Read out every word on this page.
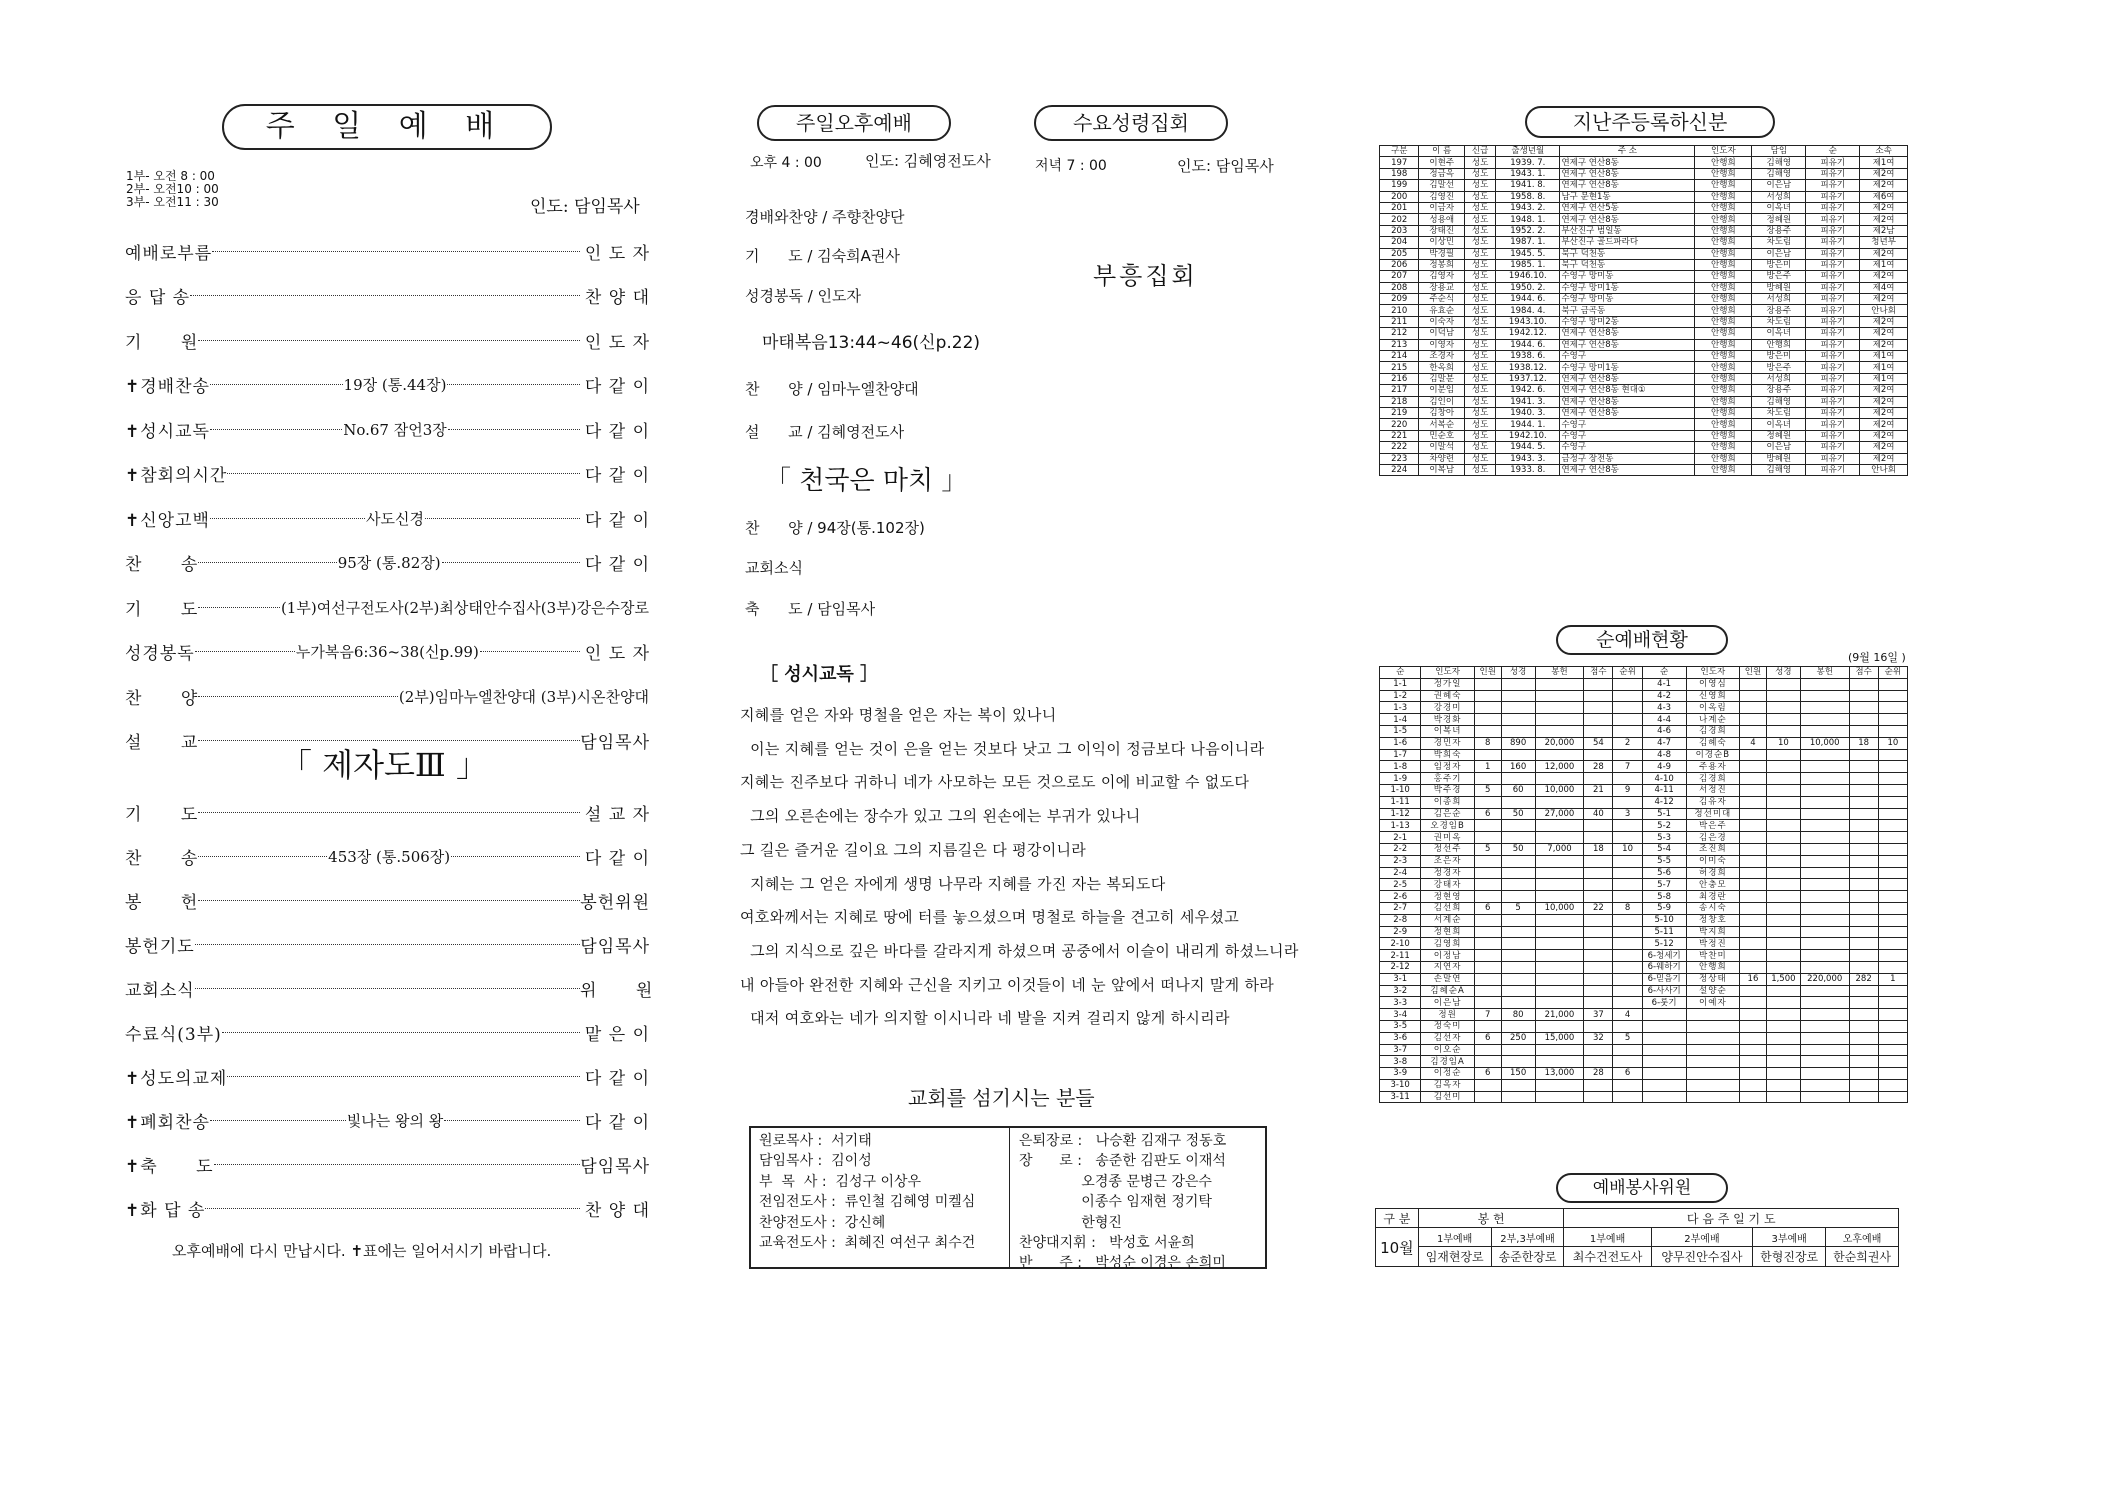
주 일 예 배
1부- 오전 8 : 00
2부- 오전10 : 00
3부- 오전11 : 30	인도: 담임목사
예배로부름	인 도 자
응 답 송	찬 양 대
기      원	인 도 자
✝경배찬송	19장 (통.44장)	다 같 이
✝성시교독	No.67 잠언3장	다 같 이
✝참회의시간	다 같 이
✝신앙고백	사도신경	다 같 이
찬      송	95장 (통.82장)	다 같 이
기      도	(1부)여선구전도사(2부)최상태안수집사(3부)강은수장로
성경봉독	누가복음6:36~38(신p.99)	인 도 자
찬      양	(2부)임마누엘찬양대 (3부)시온찬양대
설      교	담임목사
「 제자도Ⅲ 」
기      도	설 교 자
찬      송	453장 (통.506장)	다 같 이
봉      헌	봉헌위원
봉헌기도	담임목사
교회소식	위      원
수료식(3부)	맡 은 이
✝성도의교제	다 같 이
✝폐회찬송	빛나는 왕의 왕	다 같 이
✝축      도	담임목사
✝화 답 송	찬 양 대
오후예배에 다시 만납시다. ✝표에는 일어서시기 바랍니다.
주일오후예배	수요성령집회
오후 4 : 00	인도: 김혜영전도사	저녁 7 : 00	인도: 담임목사
경배와찬양 / 주향찬양단
기      도 / 김숙희A권사
성경봉독 / 인도자
마태복음13:44~46(신p.22)
찬      양 / 임마누엘찬양대
설      교 / 김혜영전도사
「 천국은 마치 」
찬      양 / 94장(통.102장)
교회소식
축      도 / 담임목사
부흥집회
［ 성시교독 ］
지혜를 얻은 자와 명철을 얻은 자는 복이 있나니
이는 지혜를 얻는 것이 은을 얻는 것보다 낫고 그 이익이 정금보다 나음이니라
지혜는 진주보다 귀하니 네가 사모하는 모든 것으로도 이에 비교할 수 없도다
그의 오른손에는 장수가 있고 그의 왼손에는 부귀가 있나니
그 길은 즐거운 길이요 그의 지름길은 다 평강이니라
지혜는 그 얻은 자에게 생명 나무라 지혜를 가진 자는 복되도다
여호와께서는 지혜로 땅에 터를 놓으셨으며 명철로 하늘을 견고히 세우셨고
그의 지식으로 깊은 바다를 갈라지게 하셨으며 공중에서 이슬이 내리게 하셨느니라
내 아들아 완전한 지혜와 근신을 지키고 이것들이 네 눈 앞에서 떠나지 말게 하라
대저 여호와는 네가 의지할 이시니라 네 발을 지켜 걸리지 않게 하시리라
교회를 섬기시는 분들
원로목사 :  서기태
담임목사 :  김이성
부  목  사 :  김성구 이상우
전임전도사 :  류인철 김혜영 미켈심
찬양전도사 :  강신혜
교육전도사 :  최혜진 여선구 최수건
은퇴장로 :   나승환 김재구 정동호
장      로 :   송준한 김판도 이재석
오경종 문병근 강은수
이종수 임재현 정기탁
한형진
찬양대지휘 :   박성호 서윤희
반      주 :   박성순 이경은 손희미
지난주등록하신분
구분	이 름	신급	출생년월	주 소	인도자	담임	순	소속
197	이현주	성도	1939. 7.	연제구 연산8동	안행희	김해영	피유기	제1여
198	정금옥	성도	1943. 1.	연제구 연산8동	안행희	김해영	피유기	제2여
199	김말선	성도	1941. 8.	연제구 연산8동	안행희	이은남	피유기	제2여
200	김영진	성도	1958. 8.	남구 문현1동	안행희	서성희	피유기	제6여
201	이금자	성도	1943. 2.	연제구 연산5동	안행희	이옥녀	피유기	제2여
202	성용애	성도	1948. 1.	연제구 연산8동	안행희	정혜원	피유기	제2여
203	장태진	성도	1952. 2.	부산진구 범일동	안행희	장용주	피유기	제2남
204	이상민	성도	1987. 1.	부산진구 골드파라다	안행희	차도림	피유기	청년부
205	박경필	성도	1945. 5.	북구 덕천동	안행희	이은남	피유기	제2여
206	정봉희	성도	1985. 1.	북구 덕천동	안행희	방은미	피유기	제1여
207	김영자	성도	1946.10.	수영구 망미동	안행희	방은주	피유기	제2여
208	장용교	성도	1950. 2.	수영구 망미1동	안행희	방혜원	피유기	제4여
209	주순식	성도	1944. 6.	수영구 망미동	안행희	서성희	피유기	제2여
210	유효순	성도	1984. 4.	북구 금곡동	안행희	장용주	피유기	안나회
211	이숙자	성도	1943.10.	수영구 망미2동	안행희	차도림	피유기	제2여
212	이덕남	성도	1942.12.	연제구 연산8동	안행희	이옥녀	피유기	제2여
213	이영자	성도	1944. 6.	연제구 연산8동	안행희	안행희	피유기	제2여
214	조경자	성도	1938. 6.	수영구	안행희	방은미	피유기	제1여
215	한옥희	성도	1938.12.	수영구 망미1동	안행희	방은주	피유기	제1여
216	김말분	성도	1937.12.	연제구 연산8동	안행희	서성희	피유기	제1여
217	이분임	성도	1942. 6.	연제구 연산8동 현대①	안행희	장용주	피유기	제2여
218	김인이	성도	1941. 3.	연제구 연산8동	안행희	김해영	피유기	제2여
219	김창아	성도	1940. 3.	연제구 연산8동	안행희	차도림	피유기	제2여
220	서복순	성도	1944. 1.	수영구	안행희	이옥녀	피유기	제2여
221	민순호	성도	1942.10.	수영구	안행희	정혜원	피유기	제2여
222	이말석	성도	1944. 5.	수영구	안행희	이은남	피유기	제2여
223	차양련	성도	1943. 3.	금정구 장전동	안행희	방혜원	피유기	제2여
224	이복남	성도	1933. 8.	연제구 연산8동	안행희	김해영	피유기	안나회
순예배현황
(9월 16일 )
순	인도자	인원	성경	봉헌	점수	순위	순	인도자	인원	성경	봉헌	점수	순위
1-1	정가일						4-1	이영심					
1-2	권혜숙						4-2	신영희					
1-3	강경미						4-3	이옥림					
1-4	박경화						4-4	나계순					
1-5	이복녀						4-6	김경희					
1-6	경민자	8	890	20,000	54	2	4-7	김혜숙	4	10	10,000	18	10
1-7	박희숙						4-8	이경순B					
1-8	임정자	1	160	12,000	28	7	4-9	주용자					
1-9	홍주기						4-10	김경희					
1-10	박주경	5	60	10,000	21	9	4-11	서정진					
1-11	이종희						4-12	김유자					
1-12	김은순	6	50	27,000	40	3	5-1	정선미대					
1-13	오경임B						5-2	박은주					
2-1	권미옥						5-3	김은경					
2-2	정선주	5	50	7,000	18	10	5-4	조진희					
2-3	조은자						5-5	이미숙					
2-4	정경자						5-6	허경희					
2-5	강태자						5-7	안충모					
2-6	정현영						5-8	최경란					
2-7	김선희	6	5	10,000	22	8	5-9	송시숙					
2-8	서계순						5-10	정창호					
2-9	정현희						5-11	박지희					
2-10	김영희						5-12	박정진					
2-11	이정남						6-청세기	박찬미					
2-12	지연자						6-웨하기	안행희					
3-1	손말연						6-믿음기	정상태	16	1,500	220,000	282	1
3-2	김혜순A						6-사사기	설양순					
3-3	이은남						6-룻기	이예자					
3-4	정원	7	80	21,000	37	4							
3-5	정숙미												
3-6	김선자	6	250	15,000	32	5							
3-7	이오순												
3-8	김경임A												
3-9	이정순	6	150	13,000	28	6							
3-10	김옥자												
3-11	김선미												
예배봉사위원
구 분	봉 헌		다 음 주 일 기 도			
10월	1부예배	2부,3부예배	1부예배	2부예배	3부예배	오후예배
	임재현장로	송준한장로	최수건전도사	양무진안수집사	한형진장로	한순희권사
